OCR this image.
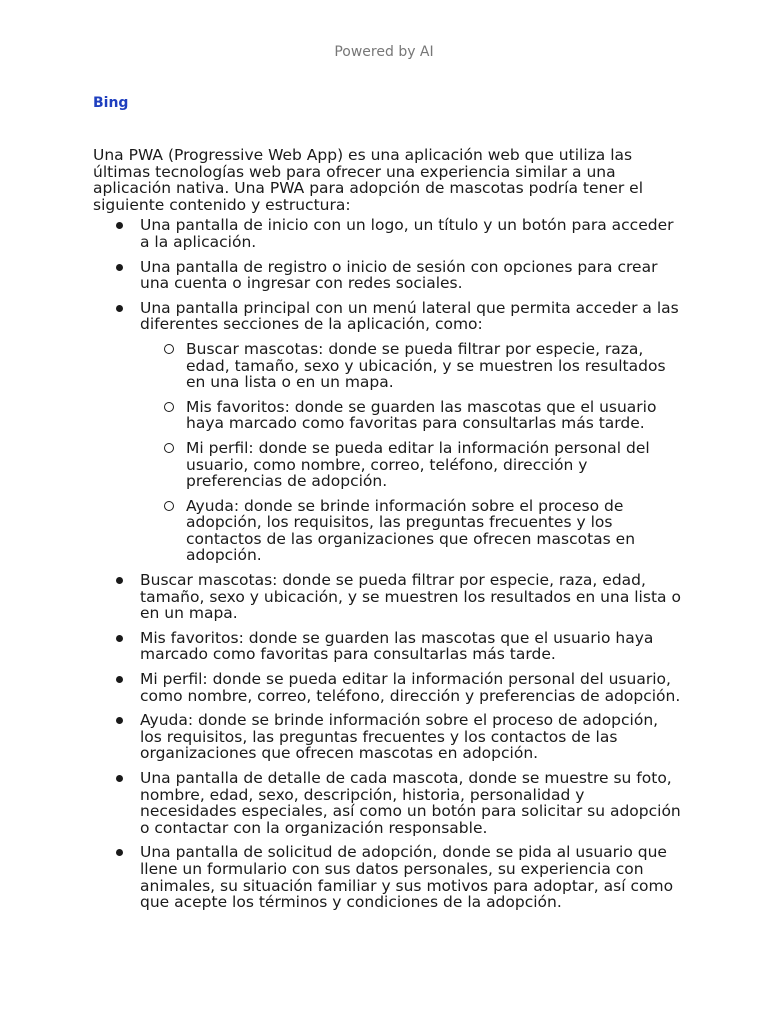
Powered by AI
Bing

Una PWA (Progressive Web App) es una aplicación web que utiliza las últimas tecnologías web para ofrecer una experiencia similar a una aplicación nativa. Una PWA para adopción de mascotas podría tener el siguiente contenido y estructura:

Una pantalla de inicio con un logo, un título y un botón para acceder a la aplicación.
Una pantalla de registro o inicio de sesión con opciones para crear una cuenta o ingresar con redes sociales.
Una pantalla principal con un menú lateral que permita acceder a las diferentes secciones de la aplicación, como:
Buscar mascotas: donde se pueda filtrar por especie, raza, edad, tamaño, sexo y ubicación, y se muestren los resultados en una lista o en un mapa.
Mis favoritos: donde se guarden las mascotas que el usuario haya marcado como favoritas para consultarlas más tarde.
Mi perfil: donde se pueda editar la información personal del usuario, como nombre, correo, teléfono, dirección y preferencias de adopción.
Ayuda: donde se brinde información sobre el proceso de adopción, los requisitos, las preguntas frecuentes y los contactos de las organizaciones que ofrecen mascotas en adopción.
Buscar mascotas: donde se pueda filtrar por especie, raza, edad, tamaño, sexo y ubicación, y se muestren los resultados en una lista o en un mapa.
Mis favoritos: donde se guarden las mascotas que el usuario haya marcado como favoritas para consultarlas más tarde.
Mi perfil: donde se pueda editar la información personal del usuario, como nombre, correo, teléfono, dirección y preferencias de adopción.
Ayuda: donde se brinde información sobre el proceso de adopción, los requisitos, las preguntas frecuentes y los contactos de las organizaciones que ofrecen mascotas en adopción.
Una pantalla de detalle de cada mascota, donde se muestre su foto, nombre, edad, sexo, descripción, historia, personalidad y necesidades especiales, así como un botón para solicitar su adopción o contactar con la organización responsable.
Una pantalla de solicitud de adopción, donde se pida al usuario que llene un formulario con sus datos personales, su experiencia con animales, su situación familiar y sus motivos para adoptar, así como que acepte los términos y condiciones de la adopción.
